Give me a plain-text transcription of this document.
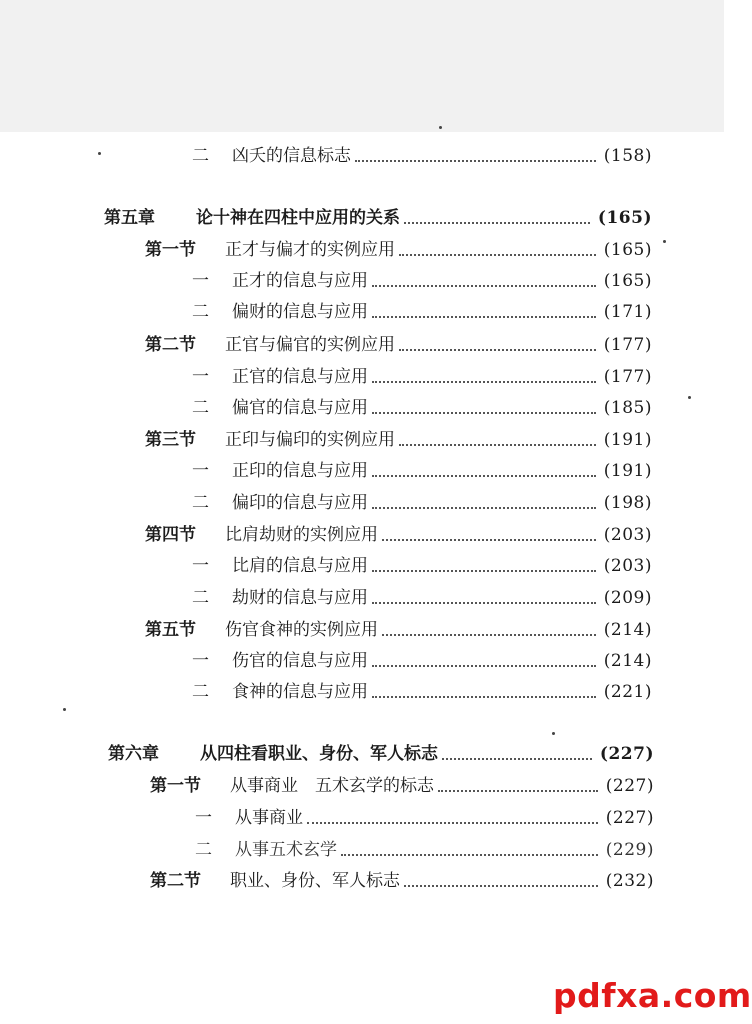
二	凶夭的信息标志	(158)
第五章	论十神在四柱中应用的关系	(165)
第一节	正才与偏才的实例应用	(165)
一	正才的信息与应用	(165)
二	偏财的信息与应用	(171)
第二节	正官与偏官的实例应用	(177)
一	正官的信息与应用	(177)
二	偏官的信息与应用	(185)
第三节	正印与偏印的实例应用	(191)
一	正印的信息与应用	(191)
二	偏印的信息与应用	(198)
第四节	比肩劫财的实例应用	(203)
一	比肩的信息与应用	(203)
二	劫财的信息与应用	(209)
第五节	伤官食神的实例应用	(214)
一	伤官的信息与应用	(214)
二	食神的信息与应用	(221)
第六章	从四柱看职业、身份、军人标志	(227)
第一节	从事商业　五术玄学的标志	(227)
一	从事商业	(227)
二	从事五术玄学	(229)
第二节	职业、身份、军人标志	(232)
pdfxa.com
